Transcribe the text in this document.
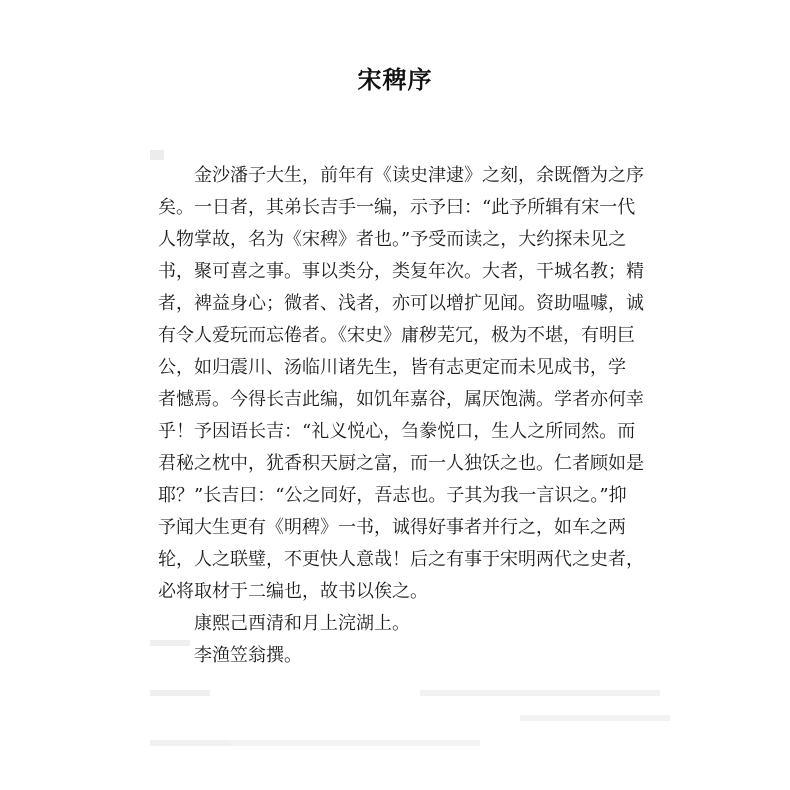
宋稗序
金沙潘子大生，前年有《读史津逮》之刻，余既僭为之序
矣。一日者，其弟长吉手一编，示予曰：“此予所辑有宋一代
人物掌故，名为《宋稗》者也。”予受而读之，大约探未见之
书，聚可喜之事。事以类分，类复年次。大者，干城名教；精
者，裨益身心；微者、浅者，亦可以增扩见闻。资助嗢噱，诚
有令人爱玩而忘倦者。《宋史》庸秽芜冗，极为不堪，有明巨
公，如归震川、汤临川诸先生，皆有志更定而未见成书，学
者憾焉。今得长吉此编，如饥年嘉谷，属厌饱满。学者亦何幸
乎！予因语长吉：“礼义悦心，刍豢悦口，生人之所同然。而
君秘之枕中，犹香积天厨之富，而一人独饫之也。仁者顾如是
耶？”长吉曰：“公之同好，吾志也。子其为我一言识之。”抑
予闻大生更有《明稗》一书，诚得好事者并行之，如车之两
轮，人之联璧，不更快人意哉！后之有事于宋明两代之史者，
必将取材于二编也，故书以俟之。
康熙己酉清和月上浣湖上。
李渔笠翁撰。
